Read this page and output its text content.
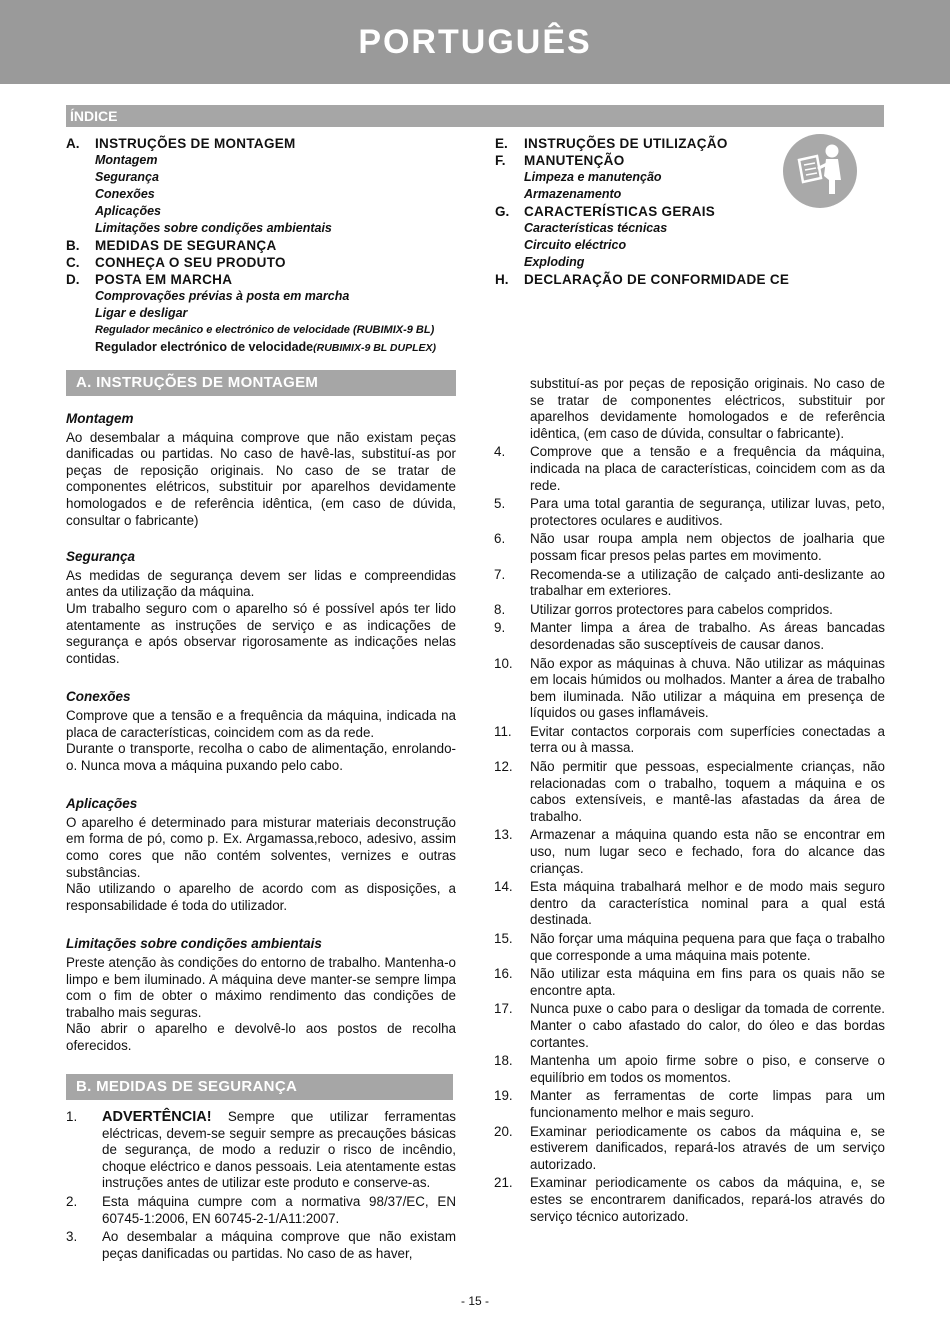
PORTUGUÊS
ÍNDICE
A.	INSTRUÇÕES DE MONTAGEM
Montagem
Segurança
Conexões
Aplicações
Limitações sobre condições ambientais
B.	MEDIDAS DE SEGURANÇA
C.	CONHEÇA O SEU PRODUTO
D.	POSTA EM MARCHA
Comprovações prévias à posta em marcha
Ligar e desligar
Regulador mecânico e electrónico de velocidade (RUBIMIX-9 BL)
Regulador electrónico de velocidade(RUBIMIX-9 BL DUPLEX)
E.	INSTRUÇÕES DE UTILIZAÇÃO
F.	MANUTENÇÃO
Limpeza e manutenção
Armazenamento
G.	CARACTERÍSTICAS GERAIS
Características técnicas
Circuito eléctrico
Exploding
H.	DECLARAÇÃO DE CONFORMIDADE CE
A. INSTRUÇÕES DE MONTAGEM
Montagem

Ao desembalar a máquina comprove que não existam peças danificadas ou partidas. No caso de havê-las, substituí-as por peças de reposição originais. No caso de se tratar de componentes elétricos, substituir por aparelhos devidamente homologados e de referência idêntica, (em caso de dúvida, consultar o fabricante)

Segurança

As medidas de segurança devem ser lidas e compreendidas antes da utilização da máquina.

Um trabalho seguro com o aparelho só é possível após ter lido atentamente as instruções de serviço e as indicações de segurança e após observar rigorosamente as indicações nelas contidas.

Conexões

Comprove que a tensão e a frequência da máquina, indicada na placa de características, coincidem com as da rede.

Durante o transporte, recolha o cabo de alimentação, enrolando-o. Nunca mova a máquina puxando pelo cabo.

Aplicações

O aparelho é determinado para misturar materiais deconstrução em forma de pó, como p. Ex. Argamassa,reboco, adesivo, assim como cores que não contém solventes, vernizes e outras substâncias.

Não utilizando o aparelho de acordo com as disposições, a responsabilidade é toda do utilizador.

Limitações sobre condições ambientais

Preste atenção às condições do entorno de trabalho. Mantenha-o limpo e bem iluminado. A máquina deve manter-se sempre limpa com o fim de obter o máximo rendimento das condições de trabalho mais seguras.

Não abrir o aparelho e devolvê-lo aos postos de recolha oferecidos.

B. MEDIDAS DE SEGURANÇA
1.	ADVERTÊNCIA! Sempre que utilizar ferramentas eléctricas, devem-se seguir sempre as precauções básicas de segurança, de modo a reduzir o risco de incêndio, choque eléctrico e danos pessoais. Leia atentamente estas instruções antes de utilizar este produto e conserve-as.
2.	Esta máquina cumpre com a normativa 98/37/EC, EN 60745-1:2006, EN 60745-2-1/A11:2007.
3.	Ao desembalar a máquina comprove que não existam peças danificadas ou partidas. No caso de as haver,
substituí-as por peças de reposição originais. No caso de se tratar de componentes eléctricos, substituir por aparelhos devidamente homologados e de referência idêntica, (em caso de dúvida, consultar o fabricante).
4.	Comprove que a tensão e a frequência da máquina, indicada na placa de características, coincidem com as da rede.
5.	Para uma total garantia de segurança, utilizar luvas, peto, protectores oculares e auditivos.
6.	Não usar roupa ampla nem objectos de joalharia que possam ficar presos pelas partes em movimento.
7.	Recomenda-se a utilização de calçado anti-deslizante ao trabalhar em exteriores.
8.	Utilizar gorros protectores para cabelos compridos.
9.	Manter limpa a área de trabalho. As áreas bancadas desordenadas são susceptíveis de causar danos.
10.	Não expor as máquinas à chuva. Não utilizar as máquinas em locais húmidos ou molhados. Manter a área de trabalho bem iluminada. Não utilizar a máquina em presença de líquidos ou gases inflamáveis.
11.	Evitar contactos corporais com superfícies conectadas a terra ou à massa.
12.	Não permitir que pessoas, especialmente crianças, não relacionadas com o trabalho, toquem a máquina e os cabos extensíveis, e mantê-las afastadas da área de trabalho.
13.	Armazenar a máquina quando esta não se encontrar em uso, num lugar seco e fechado, fora do alcance das crianças.
14.	Esta máquina trabalhará melhor e de modo mais seguro dentro da característica nominal para a qual está destinada.
15.	Não forçar uma máquina pequena para que faça o trabalho que corresponde a uma máquina mais potente.
16.	Não utilizar esta máquina em fins para os quais não se encontre apta.
17.	Nunca puxe o cabo para o desligar da tomada de corrente. Manter o cabo afastado do calor, do óleo e das bordas cortantes.
18.	Mantenha um apoio firme sobre o piso, e conserve o equilíbrio em todos os momentos.
19.	Manter as ferramentas de corte limpas para um funcionamento melhor e mais seguro.
20.	Examinar periodicamente os cabos da máquina e, se estiverem danificados, repará-los através de um serviço autorizado.
21.	Examinar periodicamente os cabos da máquina, e, se estes se encontrarem danificados, repará-los através do serviço técnico autorizado.
- 15 -
